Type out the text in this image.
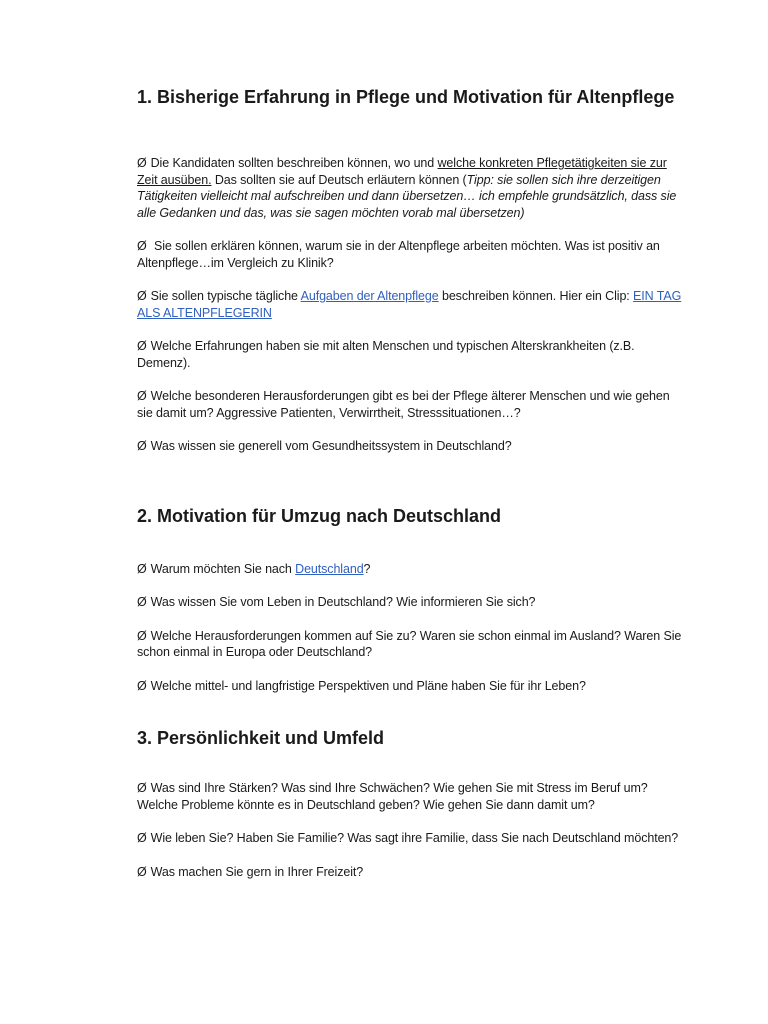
1. Bisherige Erfahrung in Pflege und Motivation für Altenpflege

Ø Die Kandidaten sollten beschreiben können, wo und welche konkreten Pflegetätigkeiten sie zur Zeit ausüben. Das sollten sie auf Deutsch erläutern können (Tipp: sie sollen sich ihre derzeitigen Tätigkeiten vielleicht mal aufschreiben und dann übersetzen… ich empfehle grundsätzlich, dass sie alle Gedanken und das, was sie sagen möchten vorab mal übersetzen)

Ø Sie sollen erklären können, warum sie in der Altenpflege arbeiten möchten. Was ist positiv an Altenpflege…im Vergleich zu Klinik?

Ø Sie sollen typische tägliche Aufgaben der Altenpflege beschreiben können. Hier ein Clip: EIN TAG ALS ALTENPFLEGERIN

Ø Welche Erfahrungen haben sie mit alten Menschen und typischen Alterskrankheiten (z.B. Demenz).

Ø Welche besonderen Herausforderungen gibt es bei der Pflege älterer Menschen und wie gehen sie damit um? Aggressive Patienten, Verwirrtheit, Stresssituationen…?

Ø Was wissen sie generell vom Gesundheitssystem in Deutschland?

2. Motivation für Umzug nach Deutschland

Ø Warum möchten Sie nach Deutschland?

Ø Was wissen Sie vom Leben in Deutschland? Wie informieren Sie sich?

Ø Welche Herausforderungen kommen auf Sie zu? Waren sie schon einmal im Ausland? Waren Sie schon einmal in Europa oder Deutschland?

Ø Welche mittel- und langfristige Perspektiven und Pläne haben Sie für ihr Leben?

3. Persönlichkeit und Umfeld

Ø Was sind Ihre Stärken? Was sind Ihre Schwächen? Wie gehen Sie mit Stress im Beruf um? Welche Probleme könnte es in Deutschland geben? Wie gehen Sie dann damit um?

Ø Wie leben Sie? Haben Sie Familie? Was sagt ihre Familie, dass Sie nach Deutschland möchten?

Ø Was machen Sie gern in Ihrer Freizeit?
